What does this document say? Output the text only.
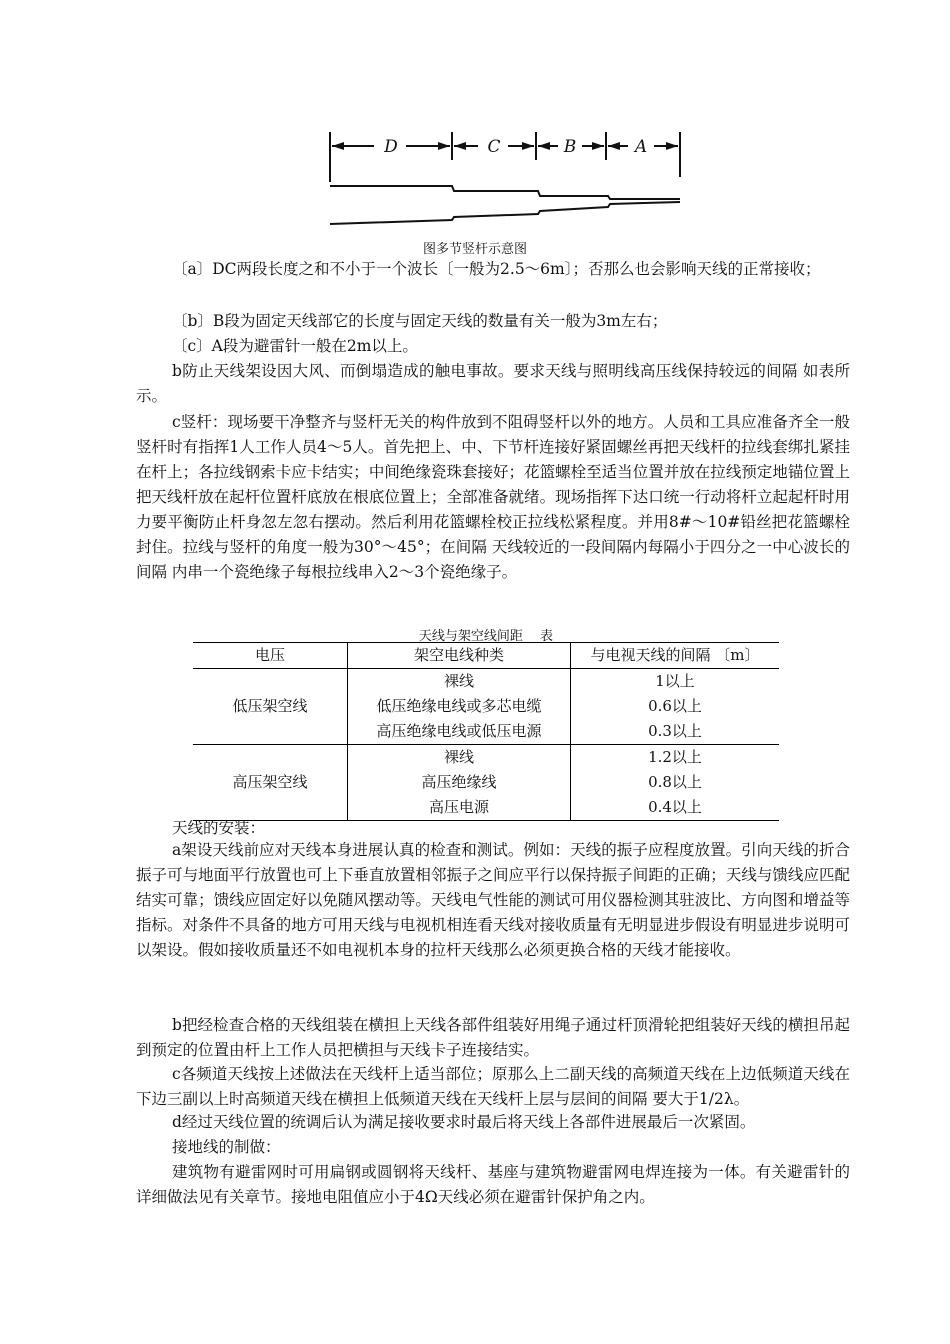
D	C	B	A
图多节竖杆示意图
〔a〕DC两段长度之和不小于一个波长〔一般为2.5～6m〕；否那么也会影响天线的正常接收；
〔b〕B段为固定天线部它的长度与固定天线的数量有关一般为3m左右；
〔c〕A段为避雷针一般在2m以上。
b防止天线架设因大风、而倒塌造成的触电事故。要求天线与照明线高压线保持较远的间隔 如表所示。
c竖杆：现场要干净整齐与竖杆无关的构件放到不阻碍竖杆以外的地方。人员和工具应准备齐全一般竖杆时有指挥1人工作人员4～5人。首先把上、中、下节杆连接好紧固螺丝再把天线杆的拉线套绑扎紧挂在杆上；各拉线钢索卡应卡结实；中间绝缘瓷珠套接好；花篮螺栓至适当位置并放在拉线预定地锚位置上把天线杆放在起杆位置杆底放在根底位置上；全部准备就绪。现场指挥下达口统一行动将杆立起起杆时用力要平衡防止杆身忽左忽右摆动。然后利用花篮螺栓校正拉线松紧程度。并用8#～10#铅丝把花篮螺栓封住。拉线与竖杆的角度一般为30°～45°；在间隔 天线较近的一段间隔内每隔小于四分之一中心波长的间隔 内串一个瓷绝缘子每根拉线串入2～3个瓷绝缘子。
天线与架空线间距　 表
电压	架空电线种类	与电视天线的间隔 〔m〕
低压架空线	裸线	1以上
	低压绝缘电线或多芯电缆	0.6以上
	高压绝缘电线或低压电源	0.3以上
高压架空线	裸线	1.2以上
	高压绝缘线	0.8以上
	高压电源	0.4以上
天线的安装：
a架设天线前应对天线本身进展认真的检查和测试。例如：天线的振子应程度放置。引向天线的折合振子可与地面平行放置也可上下垂直放置相邻振子之间应平行以保持振子间距的正确；天线与馈线应匹配结实可靠；馈线应固定好以免随风摆动等。天线电气性能的测试可用仪器检测其驻波比、方向图和增益等指标。对条件不具备的地方可用天线与电视机相连看天线对接收质量有无明显进步假设有明显进步说明可以架设。假如接收质量还不如电视机本身的拉杆天线那么必须更换合格的天线才能接收。
b把经检查合格的天线组装在横担上天线各部件组装好用绳子通过杆顶滑轮把组装好天线的横担吊起到预定的位置由杆上工作人员把横担与天线卡子连接结实。
c各频道天线按上述做法在天线杆上适当部位；原那么上二副天线的高频道天线在上边低频道天线在下边三副以上时高频道天线在横担上低频道天线在天线杆上层与层间的间隔 要大于1/2λ。
d经过天线位置的统调后认为满足接收要求时最后将天线上各部件进展最后一次紧固。
接地线的制做：
建筑物有避雷网时可用扁钢或圆钢将天线杆、基座与建筑物避雷网电焊连接为一体。有关避雷针的详细做法见有关章节。接地电阻值应小于4Ω天线必须在避雷针保护角之内。
